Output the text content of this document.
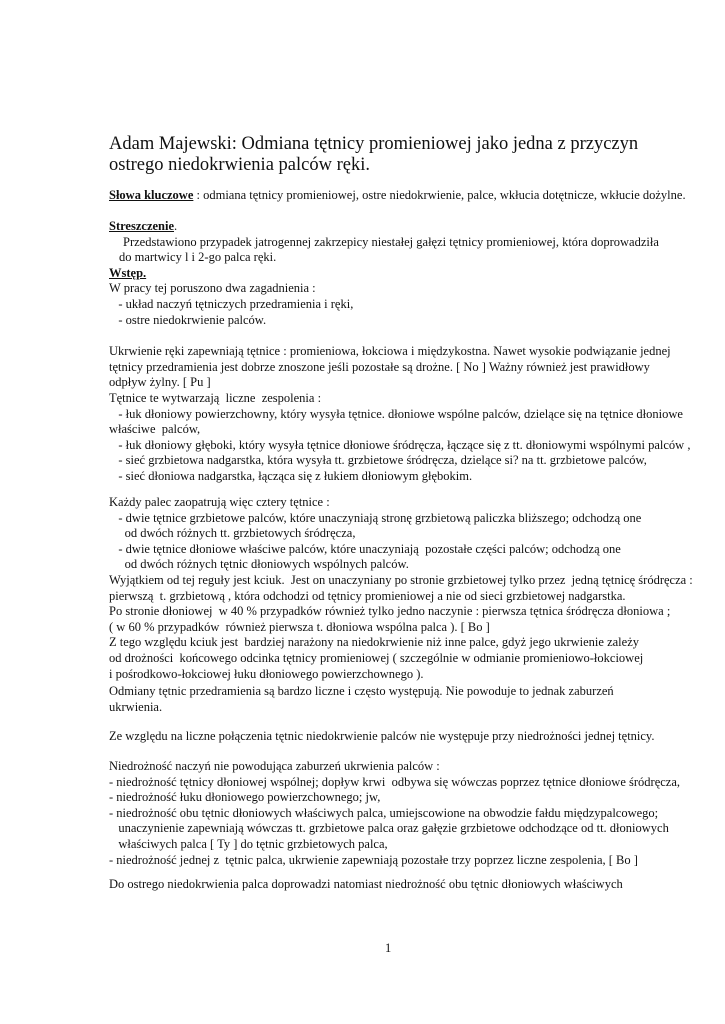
Adam Majewski: Odmiana tętnicy promieniowej jako jedna z przyczyn
ostrego niedokrwienia palców ręki.
Słowa kluczowe : odmiana tętnicy promieniowej, ostre niedokrwienie, palce, wkłucia dotętnicze, wkłucie dożylne.
Streszczenie.
Przedstawiono przypadek jatrogennej zakrzepicy niestałej gałęzi tętnicy promieniowej, która doprowadziła
do martwicy l i 2-go palca ręki.
Wstęp.
W pracy tej poruszono dwa zagadnienia :
- układ naczyń tętniczych przedramienia i ręki,
- ostre niedokrwienie palców.
Ukrwienie ręki zapewniają tętnice : promieniowa, łokciowa i międzykostna. Nawet wysokie podwiązanie jednej
tętnicy przedramienia jest dobrze znoszone jeśli pozostałe są drożne. [ No ] Ważny również jest prawidłowy
odpływ żylny. [ Pu ]
Tętnice te wytwarzają  liczne  zespolenia :
- łuk dłoniowy powierzchowny, który wysyła tętnice. dłoniowe wspólne palców, dzielące się na tętnice dłoniowe
właściwe  palców,
- łuk dłoniowy głęboki, który wysyła tętnice dłoniowe śródręcza, łączące się z tt. dłoniowymi wspólnymi palców ,
- sieć grzbietowa nadgarstka, która wysyła tt. grzbietowe śródręcza, dzielące si? na tt. grzbietowe palców,
- sieć dłoniowa nadgarstka, łącząca się z łukiem dłoniowym głębokim.
Każdy palec zaopatrują więc cztery tętnice :
- dwie tętnice grzbietowe palców, które unaczyniają stronę grzbietową paliczka bliższego; odchodzą one
od dwóch różnych tt. grzbietowych śródręcza,
- dwie tętnice dłoniowe właściwe palców, które unaczyniają  pozostałe części palców; odchodzą one
od dwóch różnych tętnic dłoniowych wspólnych palców.
Wyjątkiem od tej reguły jest kciuk.  Jest on unaczyniany po stronie grzbietowej tylko przez  jedną tętnicę śródręcza :
pierwszą  t. grzbietową , która odchodzi od tętnicy promieniowej a nie od sieci grzbietowej nadgarstka.
Po stronie dłoniowej  w 40 % przypadków również tylko jedno naczynie : pierwsza tętnica śródręcza dłoniowa ;
( w 60 % przypadków  również pierwsza t. dłoniowa wspólna palca ). [ Bo ]
Z tego względu kciuk jest  bardziej narażony na niedokrwienie niż inne palce, gdyż jego ukrwienie zależy
od drożności  końcowego odcinka tętnicy promieniowej ( szczególnie w odmianie promieniowo-łokciowej
i pośrodkowo-łokciowej łuku dłoniowego powierzchownego ).
Odmiany tętnic przedramienia są bardzo liczne i często występują. Nie powoduje to jednak zaburzeń
ukrwienia.
Ze względu na liczne połączenia tętnic niedokrwienie palców nie występuje przy niedrożności jednej tętnicy.
Niedrożność naczyń nie powodująca zaburzeń ukrwienia palców :
- niedrożność tętnicy dłoniowej wspólnej; dopływ krwi  odbywa się wówczas poprzez tętnice dłoniowe śródręcza,
- niedrożność łuku dłoniowego powierzchownego; jw,
- niedrożność obu tętnic dłoniowych właściwych palca, umiejscowione na obwodzie fałdu międzypalcowego;
unaczynienie zapewniają wówczas tt. grzbietowe palca oraz gałęzie grzbietowe odchodzące od tt. dłoniowych
właściwych palca [ Ty ] do tętnic grzbietowych palca,
- niedrożność jednej z  tętnic palca, ukrwienie zapewniają pozostałe trzy poprzez liczne zespolenia, [ Bo ]
Do ostrego niedokrwienia palca doprowadzi natomiast niedrożność obu tętnic dłoniowych właściwych
1
